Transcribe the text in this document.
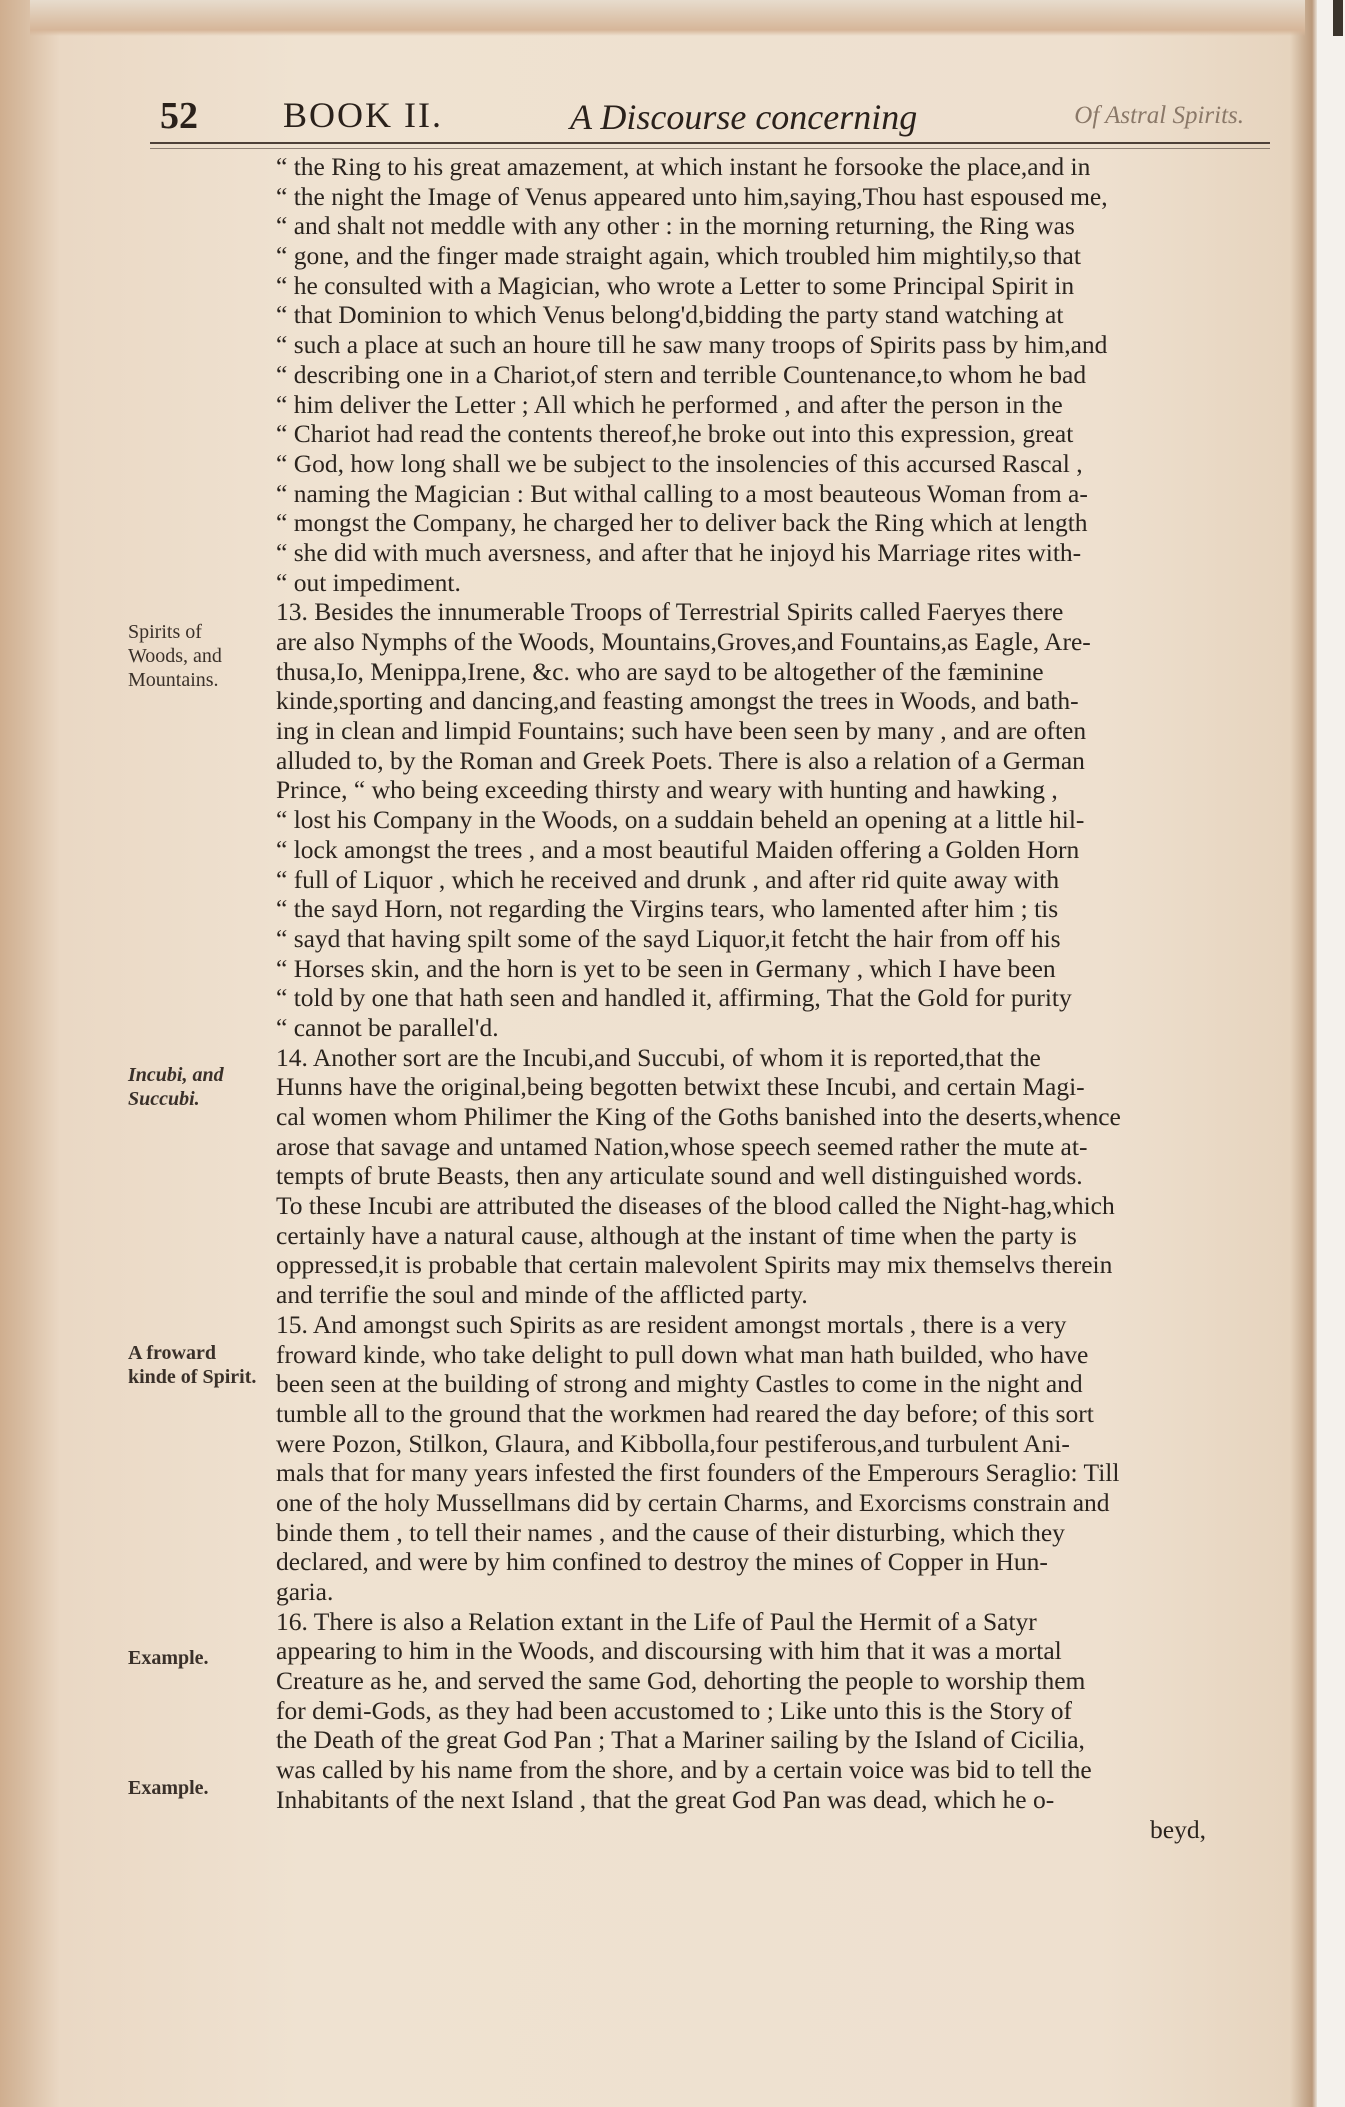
52 BOOK II.	A Discourse concerning	Of Astral Spirits.
Spirits of
Woods, and
Mountains.
Incubi, and
Succubi.
A froward
kinde of Spirit.
Example.
Example.
“ the Ring to his great amazement, at which instant he forsooke the place,and in
“ the night the Image of Venus appeared unto him,saying,Thou hast espoused me,
“ and shalt not meddle with any other : in the morning returning, the Ring was
“ gone, and the finger made straight again, which troubled him mightily,so that
“ he consulted with a Magician, who wrote a Letter to some Principal Spirit in
“ that Dominion to which Venus belong'd,bidding the party stand watching at
“ such a place at such an houre till he saw many troops of Spirits pass by him,and
“ describing one in a Chariot,of stern and terrible Countenance,to whom he bad
“ him deliver the Letter ; All which he performed , and after the person in the
“ Chariot had read the contents thereof,he broke out into this expression, great
“ God, how long shall we be subject to the insolencies of this accursed Rascal ,
“ naming the Magician : But withal calling to a most beauteous Woman from a-
“ mongst the Company, he charged her to deliver back the Ring which at length
“ she did with much aversness, and after that he injoyd his Marriage rites with-
“ out impediment.
13. Besides the innumerable Troops of Terrestrial Spirits called Faeryes there
are also Nymphs of the Woods, Mountains,Groves,and Fountains,as Eagle, Are-
thusa,Io, Menippa,Irene, &c. who are sayd to be altogether of the fæminine
kinde,sporting and dancing,and feasting amongst the trees in Woods, and bath-
ing in clean and limpid Fountains; such have been seen by many , and are often
alluded to, by the Roman and Greek Poets. There is also a relation of a German
Prince, “ who being exceeding thirsty and weary with hunting and hawking ,
“ lost his Company in the Woods, on a suddain beheld an opening at a little hil-
“ lock amongst the trees , and a most beautiful Maiden offering a Golden Horn
“ full of Liquor , which he received and drunk , and after rid quite away with
“ the sayd Horn, not regarding the Virgins tears, who lamented after him ; tis
“ sayd that having spilt some of the sayd Liquor,it fetcht the hair from off his
“ Horses skin, and the horn is yet to be seen in Germany , which I have been
“ told by one that hath seen and handled it, affirming, That the Gold for purity
“ cannot be parallel'd.
14. Another sort are the Incubi,and Succubi, of whom it is reported,that the
Hunns have the original,being begotten betwixt these Incubi, and certain Magi-
cal women whom Philimer the King of the Goths banished into the deserts,whence
arose that savage and untamed Nation,whose speech seemed rather the mute at-
tempts of brute Beasts, then any articulate sound and well distinguished words.
To these Incubi are attributed the diseases of the blood called the Night-hag,which
certainly have a natural cause, although at the instant of time when the party is
oppressed,it is probable that certain malevolent Spirits may mix themselvs therein
and terrifie the soul and minde of the afflicted party.
15. And amongst such Spirits as are resident amongst mortals , there is a very
froward kinde, who take delight to pull down what man hath builded, who have
been seen at the building of strong and mighty Castles to come in the night and
tumble all to the ground that the workmen had reared the day before; of this sort
were Pozon, Stilkon, Glaura, and Kibbolla,four pestiferous,and turbulent Ani-
mals that for many years infested the first founders of the Emperours Seraglio: Till
one of the holy Mussellmans did by certain Charms, and Exorcisms constrain and
binde them , to tell their names , and the cause of their disturbing, which they
declared, and were by him confined to destroy the mines of Copper in Hun-
garia.
16. There is also a Relation extant in the Life of Paul the Hermit of a Satyr
appearing to him in the Woods, and discoursing with him that it was a mortal
Creature as he, and served the same God, dehorting the people to worship them
for demi-Gods, as they had been accustomed to ; Like unto this is the Story of
the Death of the great God Pan ; That a Mariner sailing by the Island of Cicilia,
was called by his name from the shore, and by a certain voice was bid to tell the
Inhabitants of the next Island , that the great God Pan was dead, which he o-
beyd,
